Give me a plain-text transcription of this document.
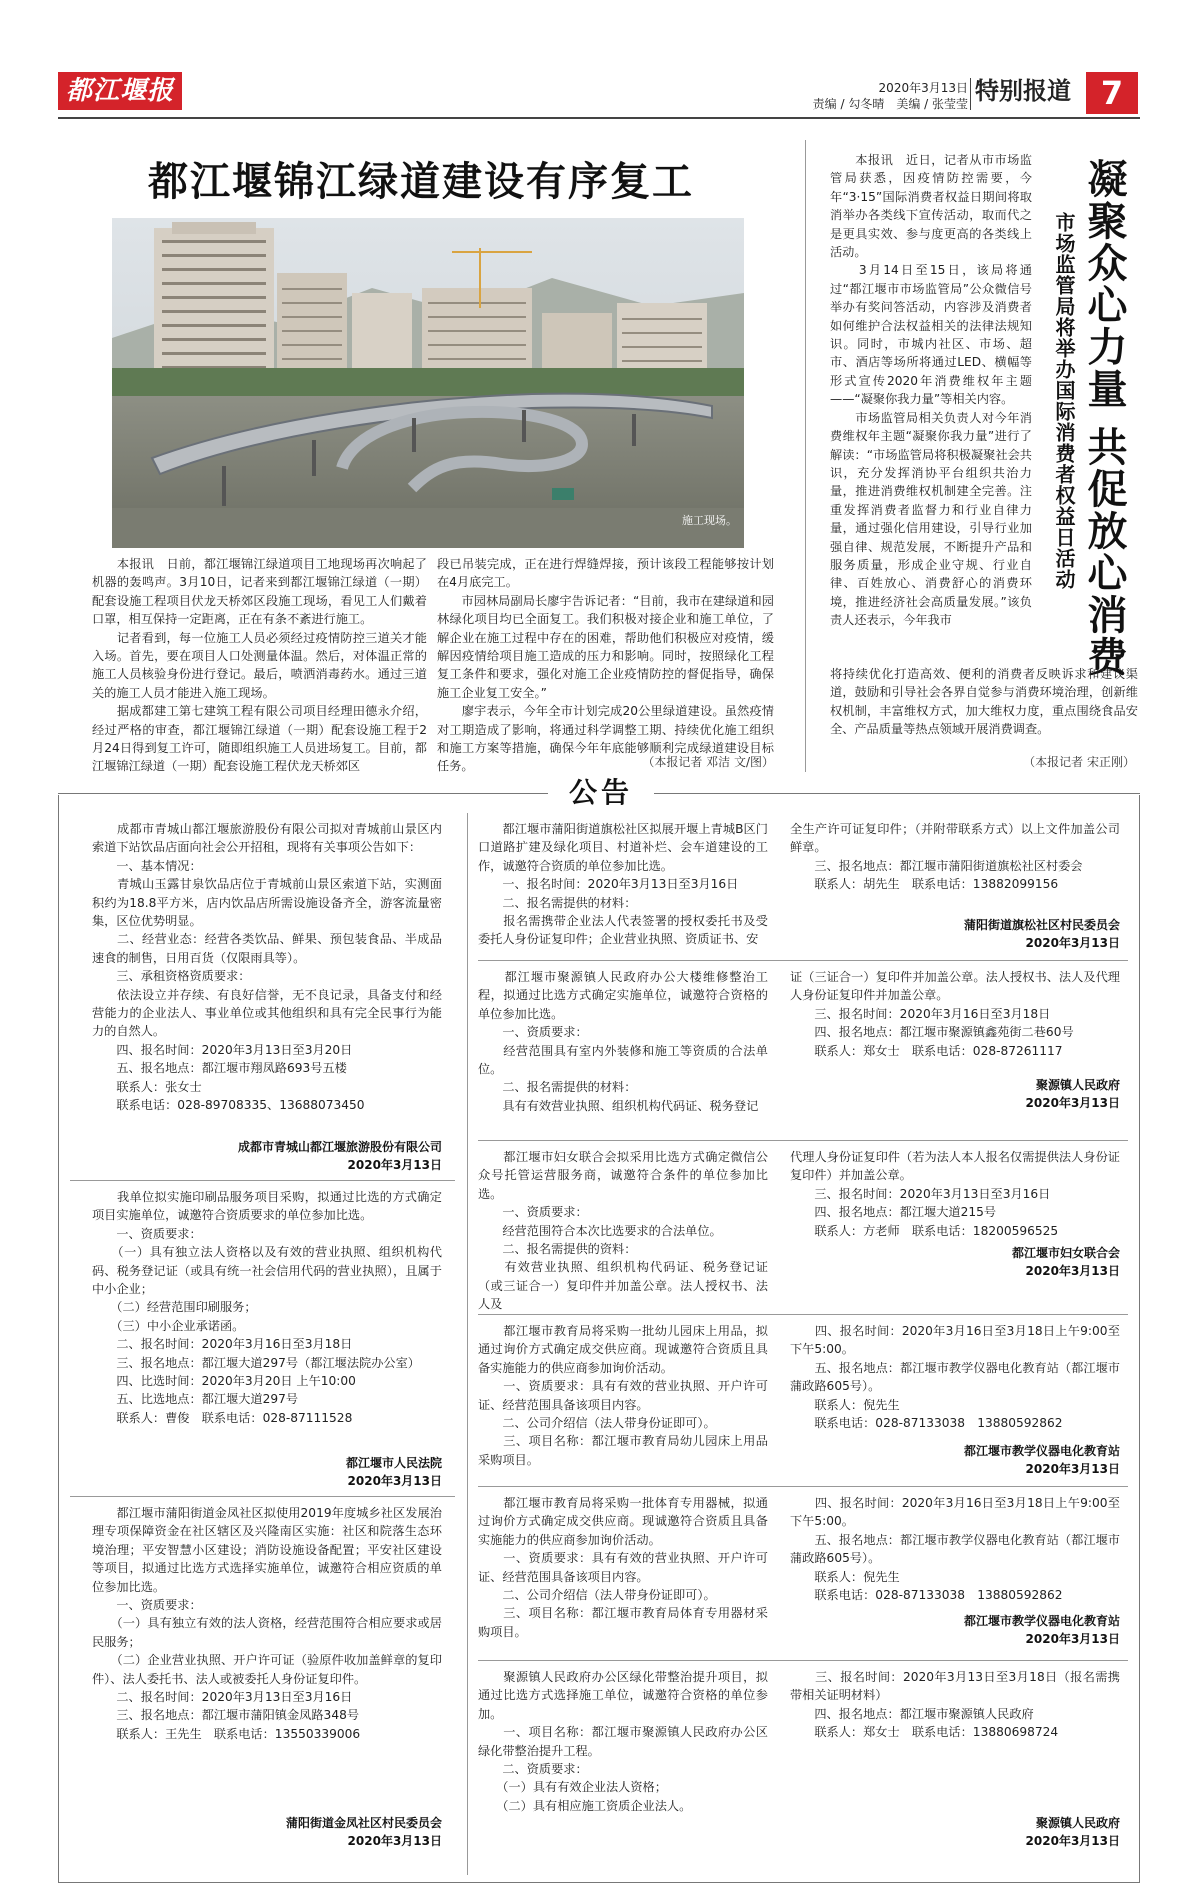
都江堰报	2020年3月13日
责编 / 勾冬晴　美编 / 张莹莹 特别报道 7
都江堰锦江绿道建设有序复工
施工现场。
　　本报讯　日前，都江堰锦江绿道项目工地现场再次响起了机器的轰鸣声。3月10日，记者来到都江堰锦江绿道（一期）配套设施工程项目伏龙天桥郊区段施工现场，看见工人们戴着口罩，相互保持一定距离，正在有条不紊进行施工。
　　记者看到，每一位施工人员必须经过疫情防控三道关才能入场。首先，要在项目人口处测量体温。然后，对体温正常的施工人员核验身份进行登记。最后，喷洒消毒药水。通过三道关的施工人员才能进入施工现场。
　　据成都建工第七建筑工程有限公司项目经理田德永介绍，经过严格的审查，都江堰锦江绿道（一期）配套设施工程于2月24日得到复工许可，随即组织施工人员进场复工。目前，都江堰锦江绿道（一期）配套设施工程伏龙天桥郊区
段已吊装完成，正在进行焊缝焊接，预计该段工程能够按计划在4月底完工。
　　市园林局副局长廖宇告诉记者：“目前，我市在建绿道和园林绿化项目均已全面复工。我们积极对接企业和施工单位，了解企业在施工过程中存在的困难，帮助他们积极应对疫情，缓解因疫情给项目施工造成的压力和影响。同时，按照绿化工程复工条件和要求，强化对施工企业疫情防控的督促指导，确保施工企业复工安全。”
　　廖宇表示，今年全市计划完成20公里绿道建设。虽然疫情对工期造成了影响，将通过科学调整工期、持续优化施工组织和施工方案等措施，确保今年年底能够顺利完成绿道建设目标任务。	（本报记者 邓洁 文/图）
　　本报讯　近日，记者从市市场监管局获悉，因疫情防控需要，今年“3·15”国际消费者权益日期间将取消举办各类线下宣传活动，取而代之是更具实效、参与度更高的各类线上活动。
　　3月14日至15日，该局将通过“都江堰市市场监管局”公众微信号举办有奖问答活动，内容涉及消费者如何维护合法权益相关的法律法规知识。同时，市城内社区、市场、超市、酒店等场所将通过LED、横幅等形式宣传2020年消费维权年主题——“凝聚你我力量”等相关内容。
　　市场监管局相关负责人对今年消费维权年主题“凝聚你我力量”进行了解读：“市场监管局将积极凝聚社会共识，充分发挥消协平台组织共治力量，推进消费维权机制建全完善。注重发挥消费者监督力和行业自律力量，通过强化信用建设，引导行业加强自律、规范发展，不断提升产品和服务质量，形成企业守规、行业自律、百姓放心、消费舒心的消费环境，推进经济社会高质量发展。”该负责人还表示，今年我市	凝聚众心力量 共促放心消费
市场监管局将举办国际消费者权益日活动
将持续优化打造高效、便利的消费者反映诉求和建议渠道，鼓励和引导社会各界自觉参与消费环境治理，创新维权机制，丰富维权方式，加大维权力度，重点围绕食品安全、产品质量等热点领域开展消费调查。
（本报记者 宋正刚）
公告
　　成都市青城山都江堰旅游股份有限公司拟对青城前山景区内索道下站饮品店面向社会公开招租，现将有关事项公告如下：
　　一、基本情况：
　　青城山玉露甘泉饮品店位于青城前山景区索道下站，实测面积约为18.8平方米，店内饮品店所需设施设备齐全，游客流量密集，区位优势明显。
　　二、经营业态：经营各类饮品、鲜果、预包装食品、半成品速食的制售，日用百货（仅限雨具等）。
　　三、承租资格资质要求：
　　依法设立并存续、有良好信誉，无不良记录，具备支付和经营能力的企业法人、事业单位或其他组织和具有完全民事行为能力的自然人。
　　四、报名时间：2020年3月13日至3月20日
　　五、报名地点：都江堰市翔凤路693号五楼
　　联系人：张女士
　　联系电话：028-89708335、13688073450
成都市青城山都江堰旅游股份有限公司
2020年3月13日
　　我单位拟实施印刷品服务项目采购，拟通过比选的方式确定项目实施单位，诚邀符合资质要求的单位参加比选。
　　一、资质要求：
　　（一）具有独立法人资格以及有效的营业执照、组织机构代码、税务登记证（或具有统一社会信用代码的营业执照），且属于中小企业；
　　（二）经营范围印刷服务；
　　（三）中小企业承诺函。
　　二、报名时间：2020年3月16日至3月18日
　　三、报名地点：都江堰大道297号（都江堰法院办公室）
　　四、比选时间：2020年3月20日 上午10:00
　　五、比选地点：都江堰大道297号
　　联系人：曹俊　联系电话：028-87111528
都江堰市人民法院
2020年3月13日
　　都江堰市蒲阳街道金凤社区拟使用2019年度城乡社区发展治理专项保障资金在社区辖区及兴隆南区实施：社区和院落生态环境治理；平安智慧小区建设；消防设施设备配置；平安社区建设等项目，拟通过比选方式选择实施单位，诚邀符合相应资质的单位参加比选。
　　一、资质要求：
　　（一）具有独立有效的法人资格，经营范围符合相应要求或居民服务；
　　（二）企业营业执照、开户许可证（验原件收加盖鲜章的复印件）、法人委托书、法人或被委托人身份证复印件。
　　二、报名时间：2020年3月13日至3月16日
　　三、报名地点：都江堰市蒲阳镇金凤路348号
　　联系人：王先生　联系电话：13550339006
蒲阳街道金凤社区村民委员会
2020年3月13日
　　都江堰市蒲阳街道旗松社区拟展开堰上青城B区门口道路扩建及绿化项目、村道补烂、会车道建设的工作，诚邀符合资质的单位参加比选。
　　一、报名时间：2020年3月13日至3月16日
　　二、报名需提供的材料：
　　报名需携带企业法人代表签署的授权委托书及受委托人身份证复印件；企业营业执照、资质证书、安
全生产许可证复印件；（并附带联系方式）以上文件加盖公司鲜章。
　　三、报名地点：都江堰市蒲阳街道旗松社区村委会
　　联系人：胡先生　联系电话：13882099156
蒲阳街道旗松社区村民委员会
2020年3月13日
　　都江堰市聚源镇人民政府办公大楼维修整治工程，拟通过比选方式确定实施单位，诚邀符合资格的单位参加比选。
　　一、资质要求：
　　经营范围具有室内外装修和施工等资质的合法单位。
　　二、报名需提供的材料：
　　具有有效营业执照、组织机构代码证、税务登记
证（三证合一）复印件并加盖公章。法人授权书、法人及代理人身份证复印件并加盖公章。
　　三、报名时间：2020年3月16日至3月18日
　　四、报名地点：都江堰市聚源镇鑫苑街二巷60号
　　联系人：郑女士　联系电话：028-87261117
聚源镇人民政府
2020年3月13日
　　都江堰市妇女联合会拟采用比选方式确定微信公众号托管运营服务商，诚邀符合条件的单位参加比选。
　　一、资质要求：
　　经营范围符合本次比选要求的合法单位。
　　二、报名需提供的资料：
　　有效营业执照、组织机构代码证、税务登记证（或三证合一）复印件并加盖公章。法人授权书、法人及
代理人身份证复印件（若为法人本人报名仅需提供法人身份证复印件）并加盖公章。
　　三、报名时间：2020年3月13日至3月16日
　　四、报名地点：都江堰大道215号
　　联系人：方老师　联系电话：18200596525
都江堰市妇女联合会
2020年3月13日
　　都江堰市教育局将采购一批幼儿园床上用品，拟通过询价方式确定成交供应商。现诚邀符合资质且具备实施能力的供应商参加询价活动。
　　一、资质要求：具有有效的营业执照、开户许可证、经营范围具备该项目内容。
　　二、公司介绍信（法人带身份证即可）。
　　三、项目名称：都江堰市教育局幼儿园床上用品采购项目。
　　四、报名时间：2020年3月16日至3月18日上午9:00至下午5:00。
　　五、报名地点：都江堰市教学仪器电化教育站（都江堰市蒲政路605号）。
　　联系人：倪先生
　　联系电话：028-87133038　13880592862
都江堰市教学仪器电化教育站
2020年3月13日
　　都江堰市教育局将采购一批体育专用器械，拟通过询价方式确定成交供应商。现诚邀符合资质且具备实施能力的供应商参加询价活动。
　　一、资质要求：具有有效的营业执照、开户许可证、经营范围具备该项目内容。
　　二、公司介绍信（法人带身份证即可）。
　　三、项目名称：都江堰市教育局体育专用器材采购项目。
　　四、报名时间：2020年3月16日至3月18日上午9:00至下午5:00。
　　五、报名地点：都江堰市教学仪器电化教育站（都江堰市蒲政路605号）。
　　联系人：倪先生
　　联系电话：028-87133038　13880592862
都江堰市教学仪器电化教育站
2020年3月13日
　　聚源镇人民政府办公区绿化带整治提升项目，拟通过比选方式选择施工单位，诚邀符合资格的单位参加。
　　一、项目名称：都江堰市聚源镇人民政府办公区绿化带整治提升工程。
　　二、资质要求：
　　（一）具有有效企业法人资格；
　　（二）具有相应施工资质企业法人。
　　三、报名时间：2020年3月13日至3月18日（报名需携带相关证明材料）
　　四、报名地点：都江堰市聚源镇人民政府
　　联系人：郑女士　联系电话：13880698724
聚源镇人民政府
2020年3月13日
